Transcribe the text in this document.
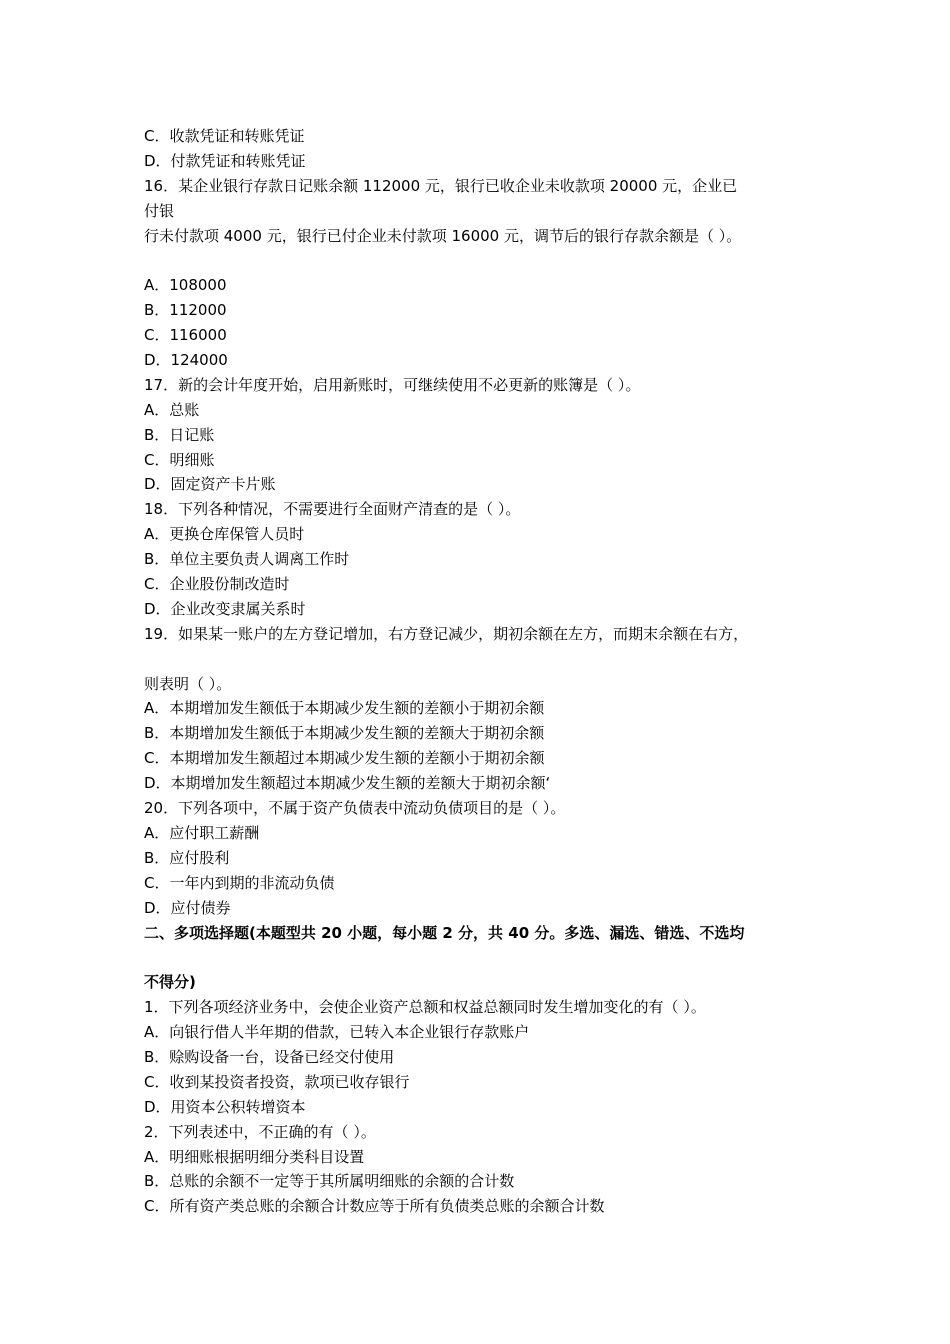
C．收款凭证和转账凭证
D．付款凭证和转账凭证
16．某企业银行存款日记账余额 112000 元，银行已收企业未收款项 20000 元，企业已
付银
行未付款项 4000 元，银行已付企业未付款项 16000 元，调节后的银行存款余额是（ ）。
A．108000
B．112000
C．116000
D．124000
17．新的会计年度开始，启用新账时，可继续使用不必更新的账簿是（ ）。
A．总账
B．日记账
C．明细账
D．固定资产卡片账
18．下列各种情况，不需要进行全面财产清查的是（ ）。
A．更换仓库保管人员时
B．单位主要负责人调离工作时
C．企业股份制改造时
D．企业改变隶属关系时
19．如果某一账户的左方登记增加，右方登记减少，期初余额在左方，而期末余额在右方，
则表明（ ）。
A．本期增加发生额低于本期减少发生额的差额小于期初余额
B．本期增加发生额低于本期减少发生额的差额大于期初余额
C．本期增加发生额超过本期减少发生额的差额小于期初余额
D．本期增加发生额超过本期减少发生额的差额大于期初余额‘
20．下列各项中，不属于资产负债表中流动负债项目的是（ ）。
A．应付职工薪酬
B．应付股利
C．一年内到期的非流动负债
D．应付债券
二、多项选择题(本题型共 20 小题，每小题 2 分，共 40 分。多选、漏选、错选、不选均
不得分)
1．下列各项经济业务中，会使企业资产总额和权益总额同时发生增加变化的有（ ）。
A．向银行借人半年期的借款，已转入本企业银行存款账户
B．赊购设备一台，设备已经交付使用
C．收到某投资者投资，款项已收存银行
D．用资本公积转增资本
2．下列表述中，不正确的有（ ）。
A．明细账根据明细分类科目设置
B．总账的余额不一定等于其所属明细账的余额的合计数
C．所有资产类总账的余额合计数应等于所有负债类总账的余额合计数
